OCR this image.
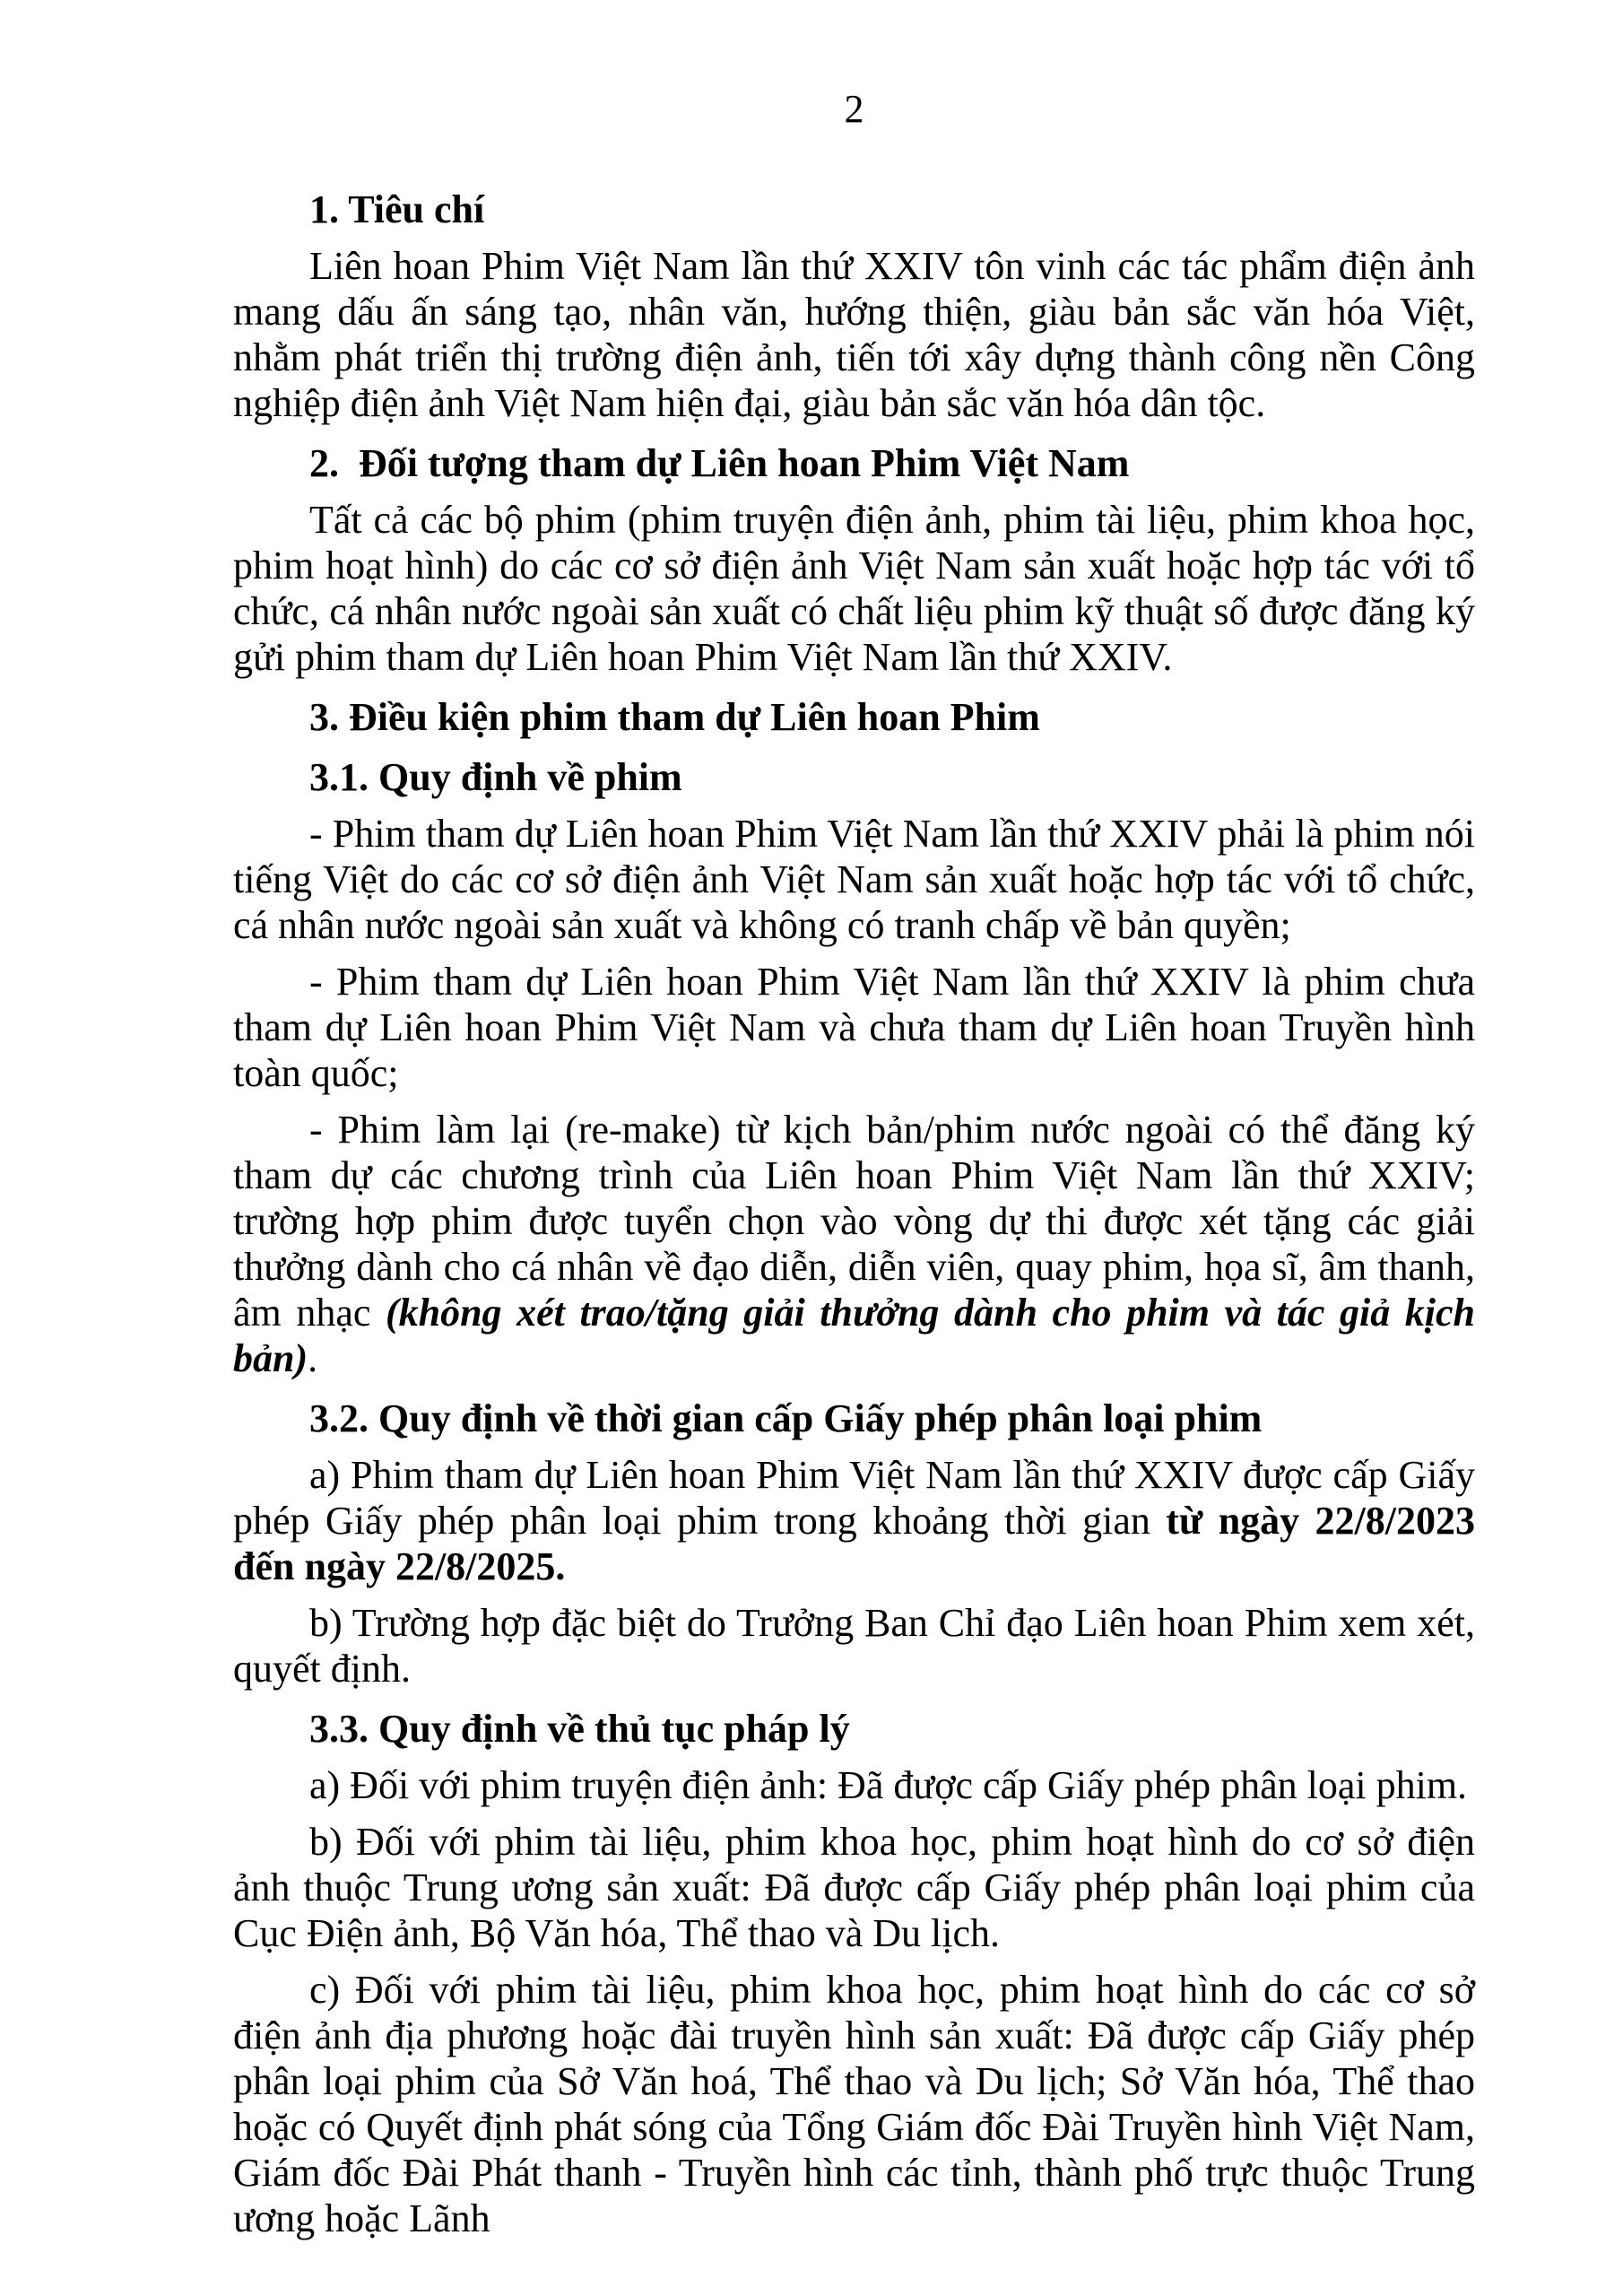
2

1. Tiêu chí

Liên hoan Phim Việt Nam lần thứ XXIV tôn vinh các tác phẩm điện ảnh mang dấu ấn sáng tạo, nhân văn, hướng thiện, giàu bản sắc văn hóa Việt, nhằm phát triển thị trường điện ảnh, tiến tới xây dựng thành công nền Công nghiệp điện ảnh Việt Nam hiện đại, giàu bản sắc văn hóa dân tộc.

2.  Đối tượng tham dự Liên hoan Phim Việt Nam

Tất cả các bộ phim (phim truyện điện ảnh, phim tài liệu, phim khoa học, phim hoạt hình) do các cơ sở điện ảnh Việt Nam sản xuất hoặc hợp tác với tổ chức, cá nhân nước ngoài sản xuất có chất liệu phim kỹ thuật số được đăng ký gửi phim tham dự Liên hoan Phim Việt Nam lần thứ XXIV.

3. Điều kiện phim tham dự Liên hoan Phim

3.1. Quy định về phim

- Phim tham dự Liên hoan Phim Việt Nam lần thứ XXIV phải là phim nói tiếng Việt do các cơ sở điện ảnh Việt Nam sản xuất hoặc hợp tác với tổ chức, cá nhân nước ngoài sản xuất và không có tranh chấp về bản quyền;

- Phim tham dự Liên hoan Phim Việt Nam lần thứ XXIV là phim chưa tham dự Liên hoan Phim Việt Nam và chưa tham dự Liên hoan Truyền hình toàn quốc;

- Phim làm lại (re-make) từ kịch bản/phim nước ngoài có thể đăng ký tham dự các chương trình của Liên hoan Phim Việt Nam lần thứ XXIV; trường hợp phim được tuyển chọn vào vòng dự thi được xét tặng các giải thưởng dành cho cá nhân về đạo diễn, diễn viên, quay phim, họa sĩ, âm thanh, âm nhạc (không xét trao/tặng giải thưởng dành cho phim và tác giả kịch bản).

3.2. Quy định về thời gian cấp Giấy phép phân loại phim

a) Phim tham dự Liên hoan Phim Việt Nam lần thứ XXIV được cấp Giấy phép Giấy phép phân loại phim trong khoảng thời gian từ ngày 22/8/2023 đến ngày 22/8/2025.

b) Trường hợp đặc biệt do Trưởng Ban Chỉ đạo Liên hoan Phim xem xét, quyết định.

3.3. Quy định về thủ tục pháp lý

a) Đối với phim truyện điện ảnh: Đã được cấp Giấy phép phân loại phim.

b) Đối với phim tài liệu, phim khoa học, phim hoạt hình do cơ sở điện ảnh thuộc Trung ương sản xuất: Đã được cấp Giấy phép phân loại phim của Cục Điện ảnh, Bộ Văn hóa, Thể thao và Du lịch.

c) Đối với phim tài liệu, phim khoa học, phim hoạt hình do các cơ sở điện ảnh địa phương hoặc đài truyền hình sản xuất: Đã được cấp Giấy phép phân loại phim của Sở Văn hoá, Thể thao và Du lịch; Sở Văn hóa, Thể thao hoặc có Quyết định phát sóng của Tổng Giám đốc Đài Truyền hình Việt Nam, Giám đốc Đài Phát thanh - Truyền hình các tỉnh, thành phố trực thuộc Trung ương hoặc Lãnh
